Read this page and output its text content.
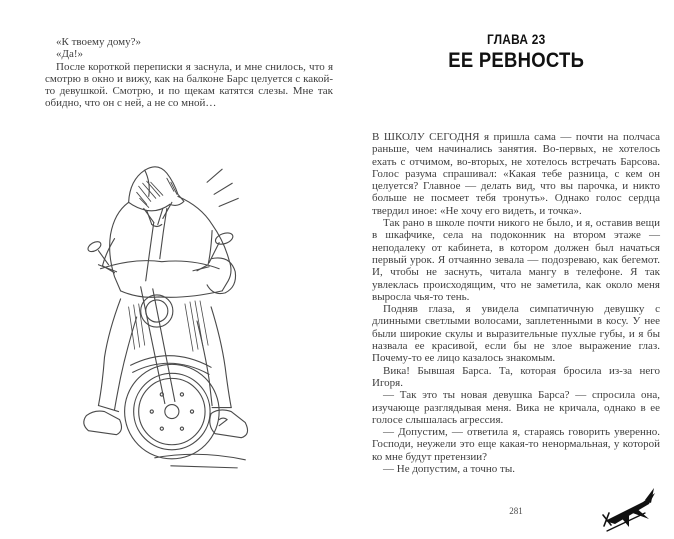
«К твоему дому?»

«Да!»

После короткой переписки я заснула, и мне снилось, что я смотрю в окно и вижу, как на балконе Барс целуется с какой-то девушкой. Смотрю, и по щекам катятся слезы. Мне так обидно, что он с ней, а не со мной…

ГЛАВА 23
ЕЕ РЕВНОСТЬ

В ШКОЛУ СЕГОДНЯ я пришла сама — почти на полчаса раньше, чем начинались занятия. Во-первых, не хотелось ехать с отчимом, во-вторых, не хотелось встречать Барсова. Голос разума спрашивал: «Какая тебе разница, с кем он целуется? Главное — делать вид, что вы парочка, и никто больше не посмеет тебя тронуть». Однако голос сердца твердил иное: «Не хочу его видеть, и точка».

Так рано в школе почти никого не было, и я, оставив вещи в шкафчике, села на подоконник на втором этаже — неподалеку от кабинета, в котором должен был начаться первый урок. Я отчаянно зевала — подозреваю, как бегемот. И, чтобы не заснуть, читала мангу в телефоне. Я так увлеклась происходящим, что не заметила, как около меня выросла чья-то тень.

Подняв глаза, я увидела симпатичную девушку с длинными светлыми волосами, заплетенными в косу. У нее были широкие скулы и выразительные пухлые губы, и я бы назвала ее красивой, если бы не злое выражение глаз. Почему-то ее лицо казалось знакомым.

Вика! Бывшая Барса. Та, которая бросила из-за него Игоря.

— Так это ты новая девушка Барса? — спросила она, изучающе разглядывая меня. Вика не кричала, однако в ее голосе слышалась агрессия.

— Допустим, — ответила я, стараясь говорить уверенно. Господи, неужели это еще какая-то ненормальная, у которой ко мне будут претензии?

— Не допустим, а точно ты.

281
